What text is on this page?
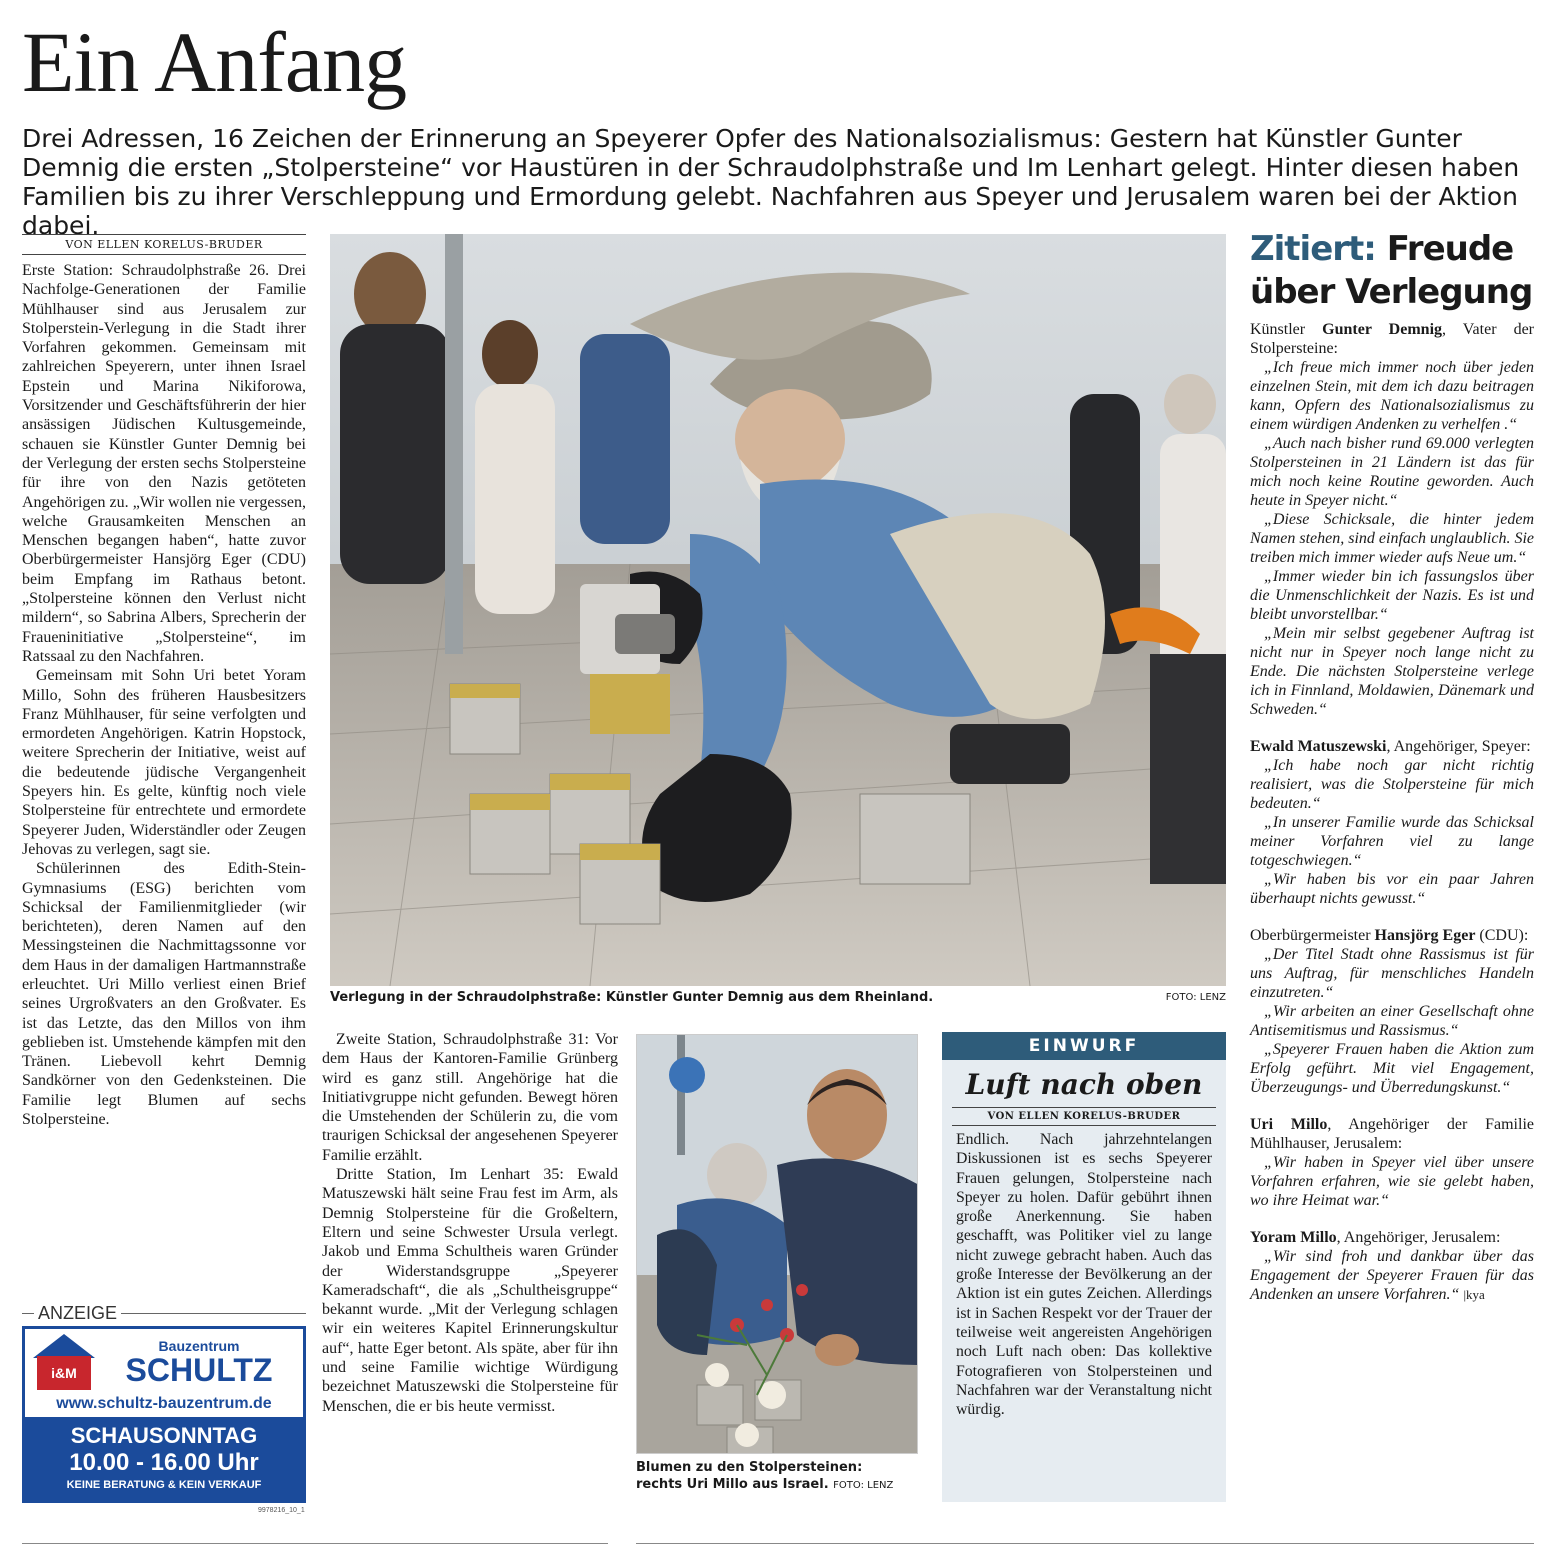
Ein Anfang

Drei Adressen, 16 Zeichen der Erinnerung an Speyerer Opfer des Nationalsozialismus: Gestern hat Künstler Gunter Demnig die ersten „Stolpersteine“ vor Haustüren in der Schraudolphstraße und Im Lenhart gelegt. Hinter diesen haben Familien bis zu ihrer Verschleppung und Ermordung gelebt. Nachfahren aus Speyer und Jerusalem waren bei der Aktion dabei.

VON ELLEN KORELUS-BRUDER

Erste Station: Schraudolphstraße 26. Drei Nachfolge-Generationen der Familie Mühlhauser sind aus Jerusalem zur Stolperstein-Verlegung in die Stadt ihrer Vorfahren gekommen. Gemeinsam mit zahlreichen Speyerern, unter ihnen Israel Epstein und Marina Nikiforowa, Vorsitzender und Geschäftsführerin der hier ansässigen Jüdischen Kultusgemeinde, schauen sie Künstler Gunter Demnig bei der Verlegung der ersten sechs Stolpersteine für ihre von den Nazis getöteten Angehörigen zu. „Wir wollen nie vergessen, welche Grausamkeiten Menschen an Menschen begangen haben“, hatte zuvor Oberbürgermeister Hansjörg Eger (CDU) beim Empfang im Rathaus betont. „Stolpersteine können den Verlust nicht mildern“, so Sabrina Albers, Sprecherin der Fraueninitiative „Stolpersteine“, im Ratssaal zu den Nachfahren.

Gemeinsam mit Sohn Uri betet Yoram Millo, Sohn des früheren Hausbesitzers Franz Mühlhauser, für seine verfolgten und ermordeten Angehörigen. Katrin Hopstock, weitere Sprecherin der Initiative, weist auf die bedeutende jüdische Vergangenheit Speyers hin. Es gelte, künftig noch viele Stolpersteine für entrechtete und ermordete Speyerer Juden, Widerständler oder Zeugen Jehovas zu verlegen, sagt sie.

Schülerinnen des Edith-Stein-Gymnasiums (ESG) berichten vom Schicksal der Familienmitglieder (wir berichteten), deren Namen auf den Messingsteinen die Nachmittagssonne vor dem Haus in der damaligen Hartmannstraße erleuchtet. Uri Millo verliest einen Brief seines Urgroßvaters an den Großvater. Es ist das Letzte, das den Millos von ihm geblieben ist. Umstehende kämpfen mit den Tränen. Liebevoll kehrt Demnig Sandkörner von den Gedenksteinen. Die Familie legt Blumen auf sechs Stolpersteine.

ANZEIGE
i&M
Bauzentrum
SCHULTZ
www.schultz-bauzentrum.de
SCHAUSONNTAG
10.00 - 16.00 Uhr
KEINE BERATUNG & KEIN VERKAUF
9978216_10_1
Verlegung in der Schraudolphstraße: Künstler Gunter Demnig aus dem Rheinland.	FOTO: LENZ

Zweite Station, Schraudolphstraße 31: Vor dem Haus der Kantoren-Familie Grünberg wird es ganz still. Angehörige hat die Initiativgruppe nicht gefunden. Bewegt hören die Umstehenden der Schülerin zu, die vom traurigen Schicksal der angesehenen Speyerer Familie erzählt.

Dritte Station, Im Lenhart 35: Ewald Matuszewski hält seine Frau fest im Arm, als Demnig Stolpersteine für die Großeltern, Eltern und seine Schwester Ursula verlegt. Jakob und Emma Schultheis waren Gründer der Widerstandsgruppe „Speyerer Kameradschaft“, die als „Schultheisgruppe“ bekannt wurde. „Mit der Verlegung schlagen wir ein weiteres Kapitel Erinnerungskultur auf“, hatte Eger betont. Als späte, aber für ihn und seine Familie wichtige Würdigung bezeichnet Matuszewski die Stolpersteine für Menschen, die er bis heute vermisst.

Blumen zu den Stolpersteinen:
rechts Uri Millo aus Israel. FOTO: LENZ
EINWURF
Luft nach oben
VON ELLEN KORELUS-BRUDER

Endlich. Nach jahrzehntelangen Diskussionen ist es sechs Speyerer Frauen gelungen, Stolpersteine nach Speyer zu holen. Dafür gebührt ihnen große Anerkennung. Sie haben geschafft, was Politiker viel zu lange nicht zuwege gebracht haben. Auch das große Interesse der Bevölkerung an der Aktion ist ein gutes Zeichen. Allerdings ist in Sachen Respekt vor der Trauer der teilweise weit angereisten Angehörigen noch Luft nach oben: Das kollektive Fotografieren von Stolpersteinen und Nachfahren war der Veranstaltung nicht würdig.

Zitiert: Freude
über Verlegung
Künstler Gunter Demnig, Vater der Stolpersteine:
„Ich freue mich immer noch über jeden einzelnen Stein, mit dem ich dazu beitragen kann, Opfern des Nationalsozialismus zu einem würdigen Andenken zu verhelfen .“
„Auch nach bisher rund 69.000 verlegten Stolpersteinen in 21 Ländern ist das für mich noch keine Routine geworden. Auch heute in Speyer nicht.“
„Diese Schicksale, die hinter jedem Namen stehen, sind einfach unglaublich. Sie treiben mich immer wieder aufs Neue um.“
„Immer wieder bin ich fassungslos über die Unmenschlichkeit der Nazis. Es ist und bleibt unvorstellbar.“
„Mein mir selbst gegebener Auftrag ist nicht nur in Speyer noch lange nicht zu Ende. Die nächsten Stolpersteine verlege ich in Finnland, Moldawien, Dänemark und Schweden.“
Ewald Matuszewski, Angehöriger, Speyer:
„Ich habe noch gar nicht richtig realisiert, was die Stolpersteine für mich bedeuten.“
„In unserer Familie wurde das Schicksal meiner Vorfahren viel zu lange totgeschwiegen.“
„Wir haben bis vor ein paar Jahren überhaupt nichts gewusst.“
Oberbürgermeister Hansjörg Eger (CDU):
„Der Titel Stadt ohne Rassismus ist für uns Auftrag, für menschliches Handeln einzutreten.“
„Wir arbeiten an einer Gesellschaft ohne Antisemitismus und Rassismus.“
„Speyerer Frauen haben die Aktion zum Erfolg geführt. Mit viel Engagement, Überzeugungs- und Überredungskunst.“
Uri Millo, Angehöriger der Familie Mühlhauser, Jerusalem:
„Wir haben in Speyer viel über unsere Vorfahren erfahren, wie sie gelebt haben, wo ihre Heimat war.“
Yoram Millo, Angehöriger, Jerusalem:
„Wir sind froh und dankbar über das Engagement der Speyerer Frauen für das Andenken an unsere Vorfahren.“ |kya
